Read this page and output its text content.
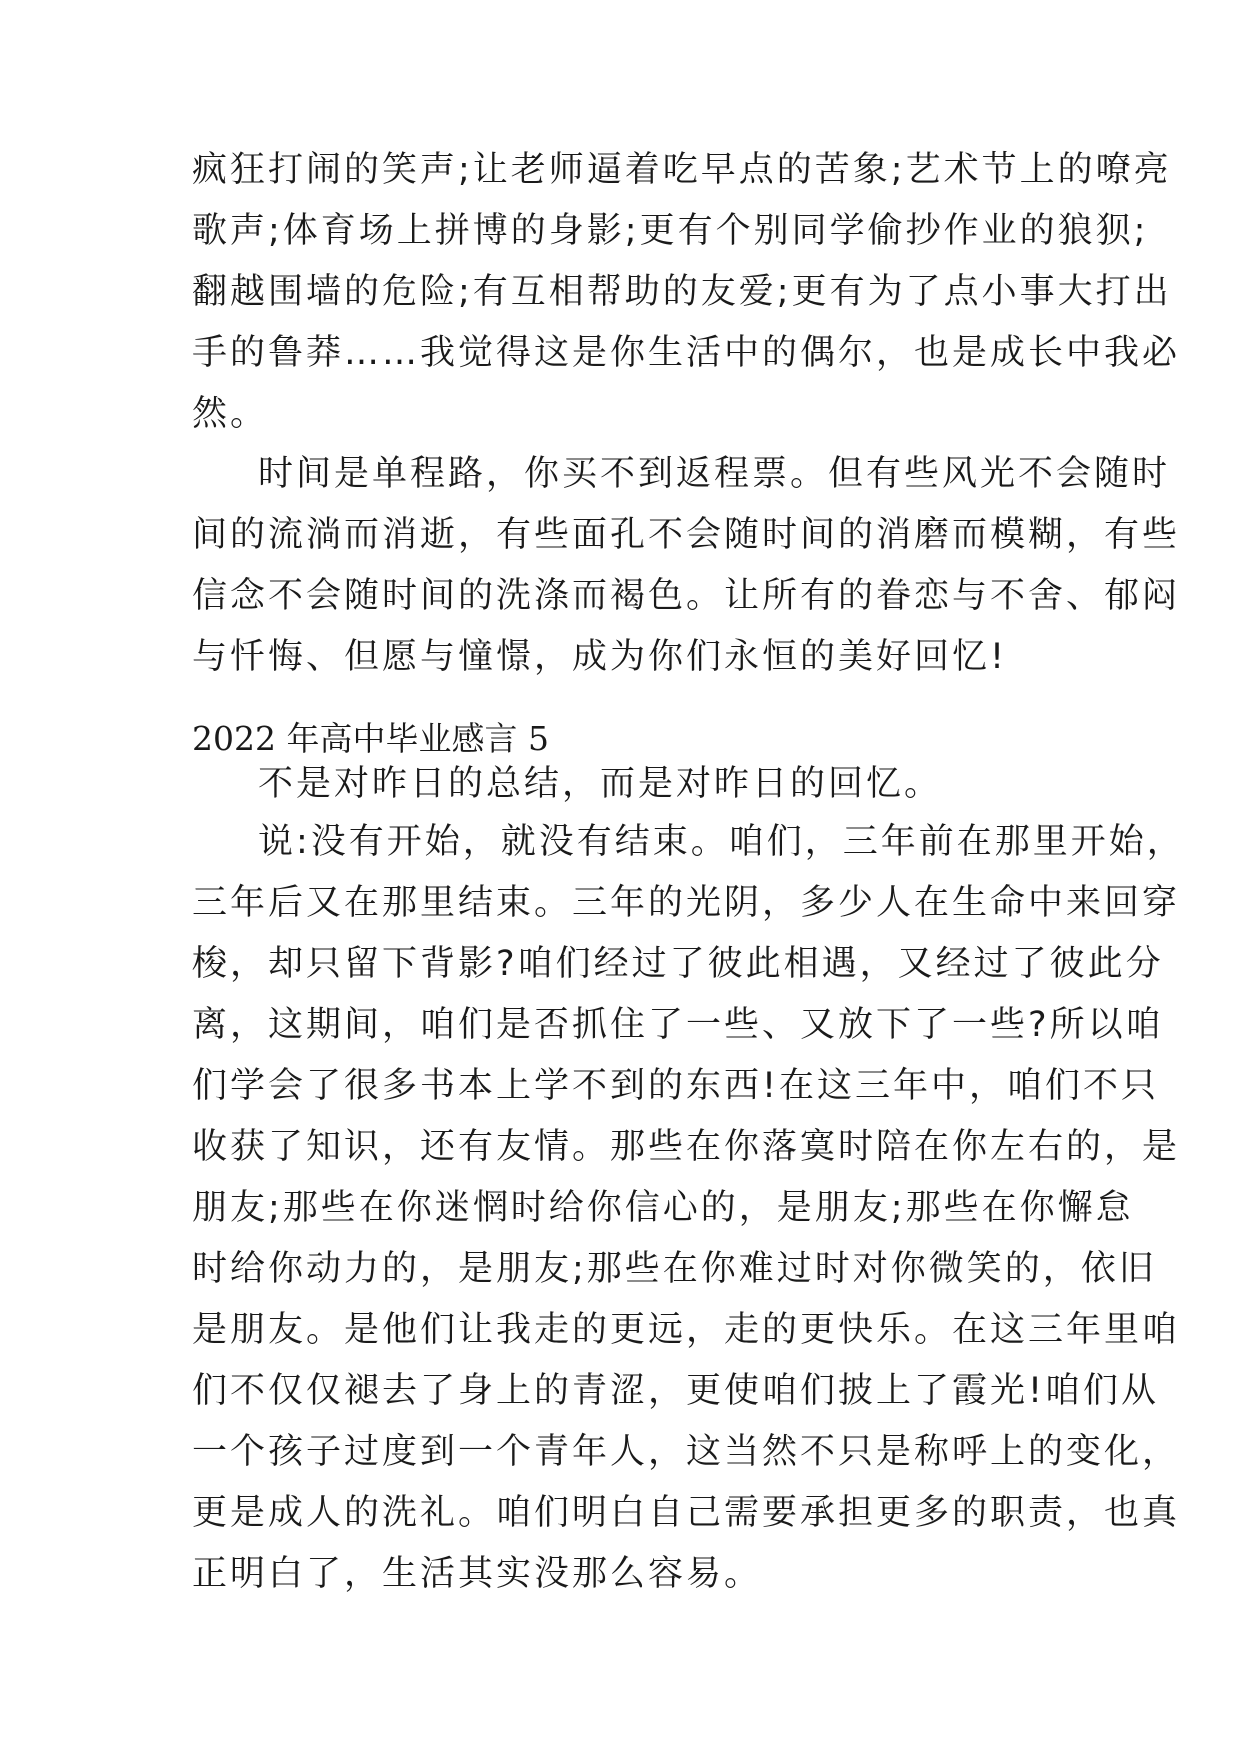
疯狂打闹的笑声;让老师逼着吃早点的苦象;艺术节上的嘹亮
歌声;体育场上拼博的身影;更有个别同学偷抄作业的狼狈;
翻越围墙的危险;有互相帮助的友爱;更有为了点小事大打出
手的鲁莽……我觉得这是你生活中的偶尔，也是成长中我必
然。
时间是单程路，你买不到返程票。但有些风光不会随时
间的流淌而消逝，有些面孔不会随时间的消磨而模糊，有些
信念不会随时间的洗涤而褐色。让所有的眷恋与不舍、郁闷
与忏悔、但愿与憧憬，成为你们永恒的美好回忆!
2022 年高中毕业感言 5
不是对昨日的总结，而是对昨日的回忆。
说:没有开始，就没有结束。咱们，三年前在那里开始，
三年后又在那里结束。三年的光阴，多少人在生命中来回穿
梭，却只留下背影?咱们经过了彼此相遇，又经过了彼此分
离，这期间，咱们是否抓住了一些、又放下了一些?所以咱
们学会了很多书本上学不到的东西!在这三年中，咱们不只
收获了知识，还有友情。那些在你落寞时陪在你左右的，是
朋友;那些在你迷惘时给你信心的，是朋友;那些在你懈怠
时给你动力的，是朋友;那些在你难过时对你微笑的，依旧
是朋友。是他们让我走的更远，走的更快乐。在这三年里咱
们不仅仅褪去了身上的青涩，更使咱们披上了霞光!咱们从
一个孩子过度到一个青年人，这当然不只是称呼上的变化，
更是成人的洗礼。咱们明白自己需要承担更多的职责，也真
正明白了，生活其实没那么容易。
